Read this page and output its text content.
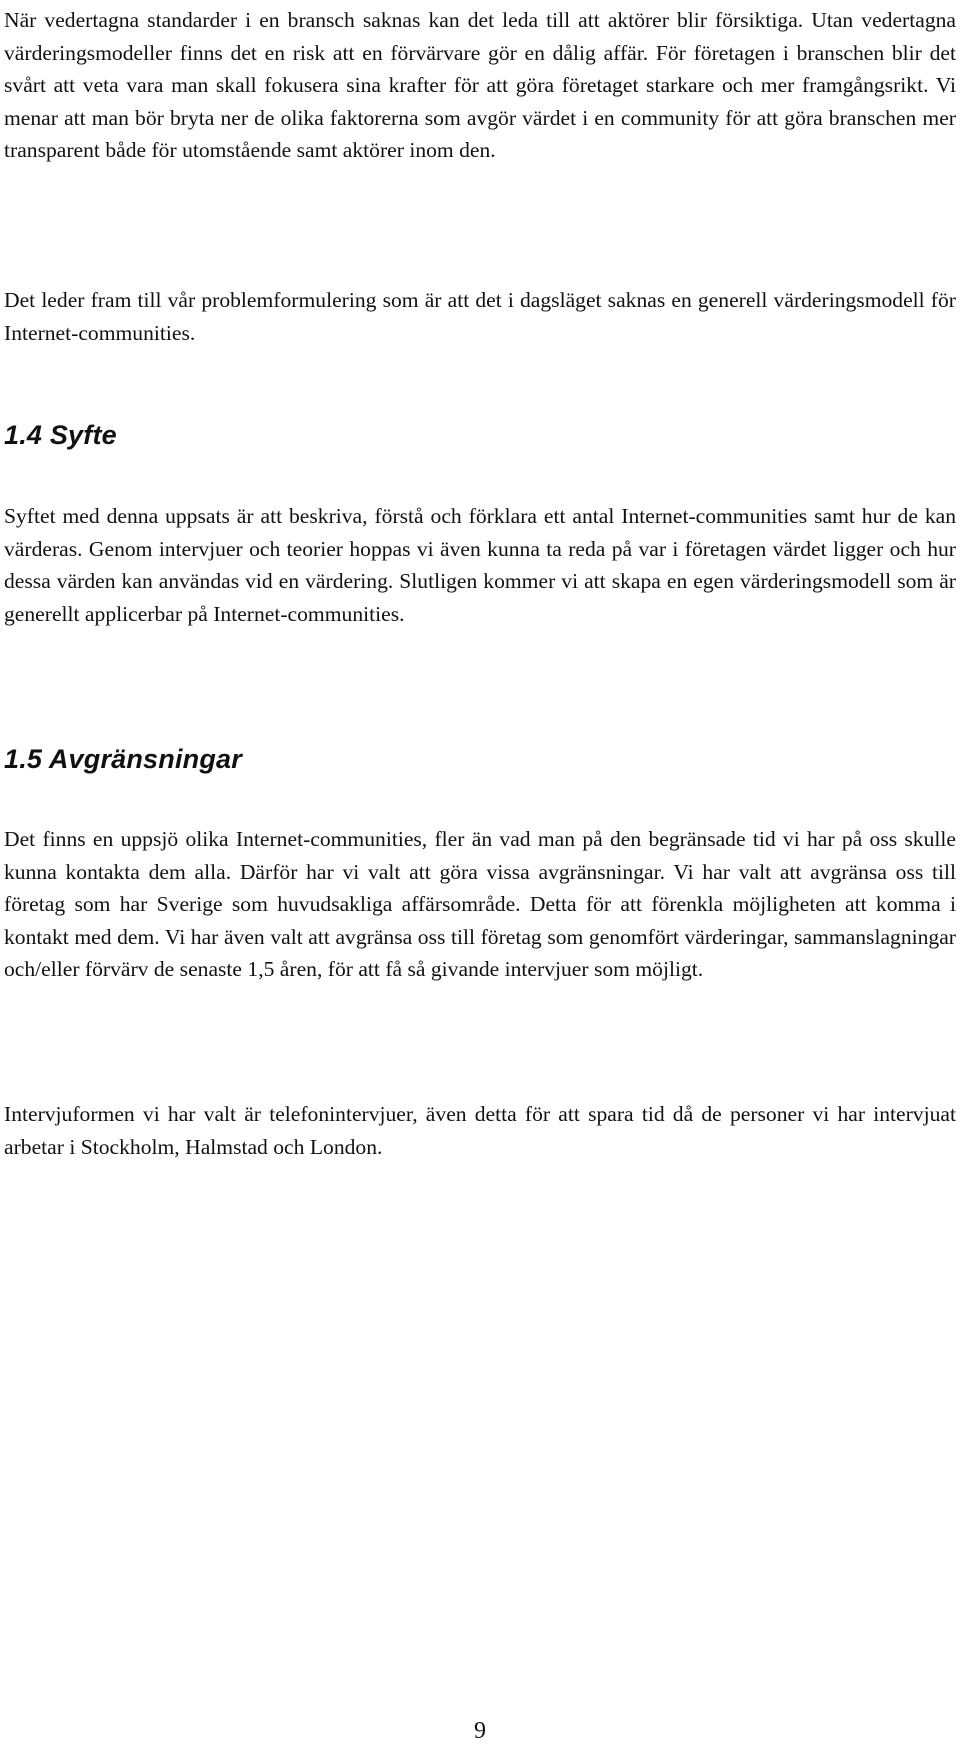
När vedertagna standarder i en bransch saknas kan det leda till att aktörer blir försiktiga. Utan vedertagna värderingsmodeller finns det en risk att en förvärvare gör en dålig affär. För företagen i branschen blir det svårt att veta vara man skall fokusera sina krafter för att göra företaget starkare och mer framgångsrikt. Vi menar att man bör bryta ner de olika faktorerna som avgör värdet i en community för att göra branschen mer transparent både för utomstående samt aktörer inom den.

Det leder fram till vår problemformulering som är att det i dagsläget saknas en generell värderingsmodell för Internet-communities.

1.4 Syfte

Syftet med denna uppsats är att beskriva, förstå och förklara ett antal Internet-communities samt hur de kan värderas. Genom intervjuer och teorier hoppas vi även kunna ta reda på var i företagen värdet ligger och hur dessa värden kan användas vid en värdering. Slutligen kommer vi att skapa en egen värderingsmodell som är generellt applicerbar på Internet-communities.

1.5 Avgränsningar

Det finns en uppsjö olika Internet-communities, fler än vad man på den begränsade tid vi har på oss skulle kunna kontakta dem alla. Därför har vi valt att göra vissa avgränsningar. Vi har valt att avgränsa oss till företag som har Sverige som huvudsakliga affärsområde. Detta för att förenkla möjligheten att komma i kontakt med dem. Vi har även valt att avgränsa oss till företag som genomfört värderingar, sammanslagningar och/eller förvärv de senaste 1,5 åren, för att få så givande intervjuer som möjligt.

Intervjuformen vi har valt är telefonintervjuer, även detta för att spara tid då de personer vi har intervjuat arbetar i Stockholm, Halmstad och London.

9
